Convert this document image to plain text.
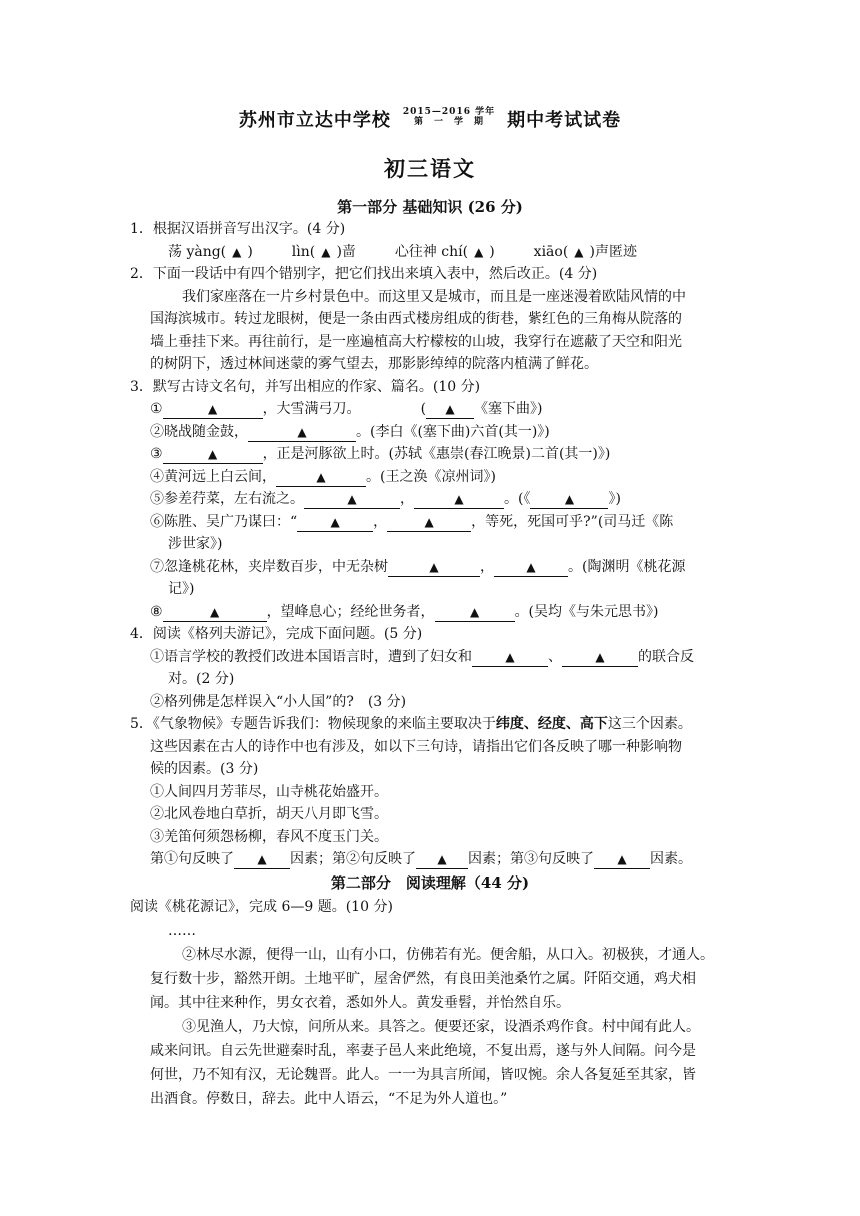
苏州市立达中学校 2015—2016 学年
第　一　学　期 期中考试试卷
初三语文
第一部分 基础知识 (26 分)
1．根据汉语拼音写出汉字。(4 分)
荡 yàng( ▲ )	lìn( ▲ )啬	心往神 chí( ▲ )	xiāo( ▲ )声匿迹
2．下面一段话中有四个错别字，把它们找出来填入表中，然后改正。(4 分)
我们家座落在一片乡村景色中。而这里又是城市，而且是一座迷漫着欧陆风情的中
国海滨城市。转过龙眼树，便是一条由西式楼房组成的街巷，紫红色的三角梅从院落的
墙上垂挂下来。再往前行，是一座遍植高大柠檬桉的山坡，我穿行在遮蔽了天空和阳光
的树阴下，透过林间迷蒙的雾气望去，那影影绰绰的院落内植满了鲜花。
3．默写古诗文名句，并写出相应的作家、篇名。(10 分)
①	▲	，大雪满弓刀。	( ▲ 《塞下曲》)
②晓战随金鼓，	▲	。(李白《(塞下曲)六首(其一)》)
③	▲	，正是河豚欲上时。(苏轼《惠崇(春江晚景)二首(其一)》)
④黄河远上白云间，	▲	。(王之涣《凉州词》)
⑤参差荇菜，左右流之。	▲	，	▲	。(《	▲ 》)
⑥陈胜、吴广乃谋曰：“	▲ ，	▲	，等死，死国可乎?”(司马迁《陈
涉世家》)
⑦忽逢桃花林，夹岸数百步，中无杂树	▲	，	▲ 。(陶渊明《桃花源
记》)
⑧	▲	，望峰息心；经纶世务者，	▲	。(吴均《与朱元思书》)
4．阅读《格列夫游记》，完成下面问题。(5 分)
①语言学校的教授们改进本国语言时，遭到了妇女和	▲ 、	▲ 的联合反
对。(2 分)
②格列佛是怎样误入“小人国”的?　(3 分)
5．《气象物候》专题告诉我们：物候现象的来临主要取决于纬度、经度、高下这三个因素。
这些因素在古人的诗作中也有涉及，如以下三句诗，请指出它们各反映了哪一种影响物
候的因素。(3 分)
①人间四月芳菲尽，山寺桃花始盛开。
②北风卷地白草折，胡天八月即飞雪。
③羌笛何须怨杨柳，春风不度玉门关。
第①句反映了 ▲ 因素；第②句反映了 ▲ 因素；第③句反映了 ▲ 因素。
第二部分　阅读理解（44 分)
阅读《桃花源记》，完成 6—9 题。(10 分)
……
②林尽水源，便得一山，山有小口，仿佛若有光。便舍船，从口入。初极狭，才通人。
复行数十步，豁然开朗。土地平旷，屋舍俨然，有良田美池桑竹之属。阡陌交通，鸡犬相
闻。其中往来种作，男女衣着，悉如外人。黄发垂髫，并怡然自乐。
③见渔人，乃大惊，问所从来。具答之。便要还家，设酒杀鸡作食。村中闻有此人。
咸来问讯。自云先世避秦时乱，率妻子邑人来此绝境，不复出焉，遂与外人间隔。问今是
何世，乃不知有汉，无论魏晋。此人。一一为具言所闻，皆叹惋。余人各复延至其家，皆
出酒食。停数日，辞去。此中人语云，“不足为外人道也。”
